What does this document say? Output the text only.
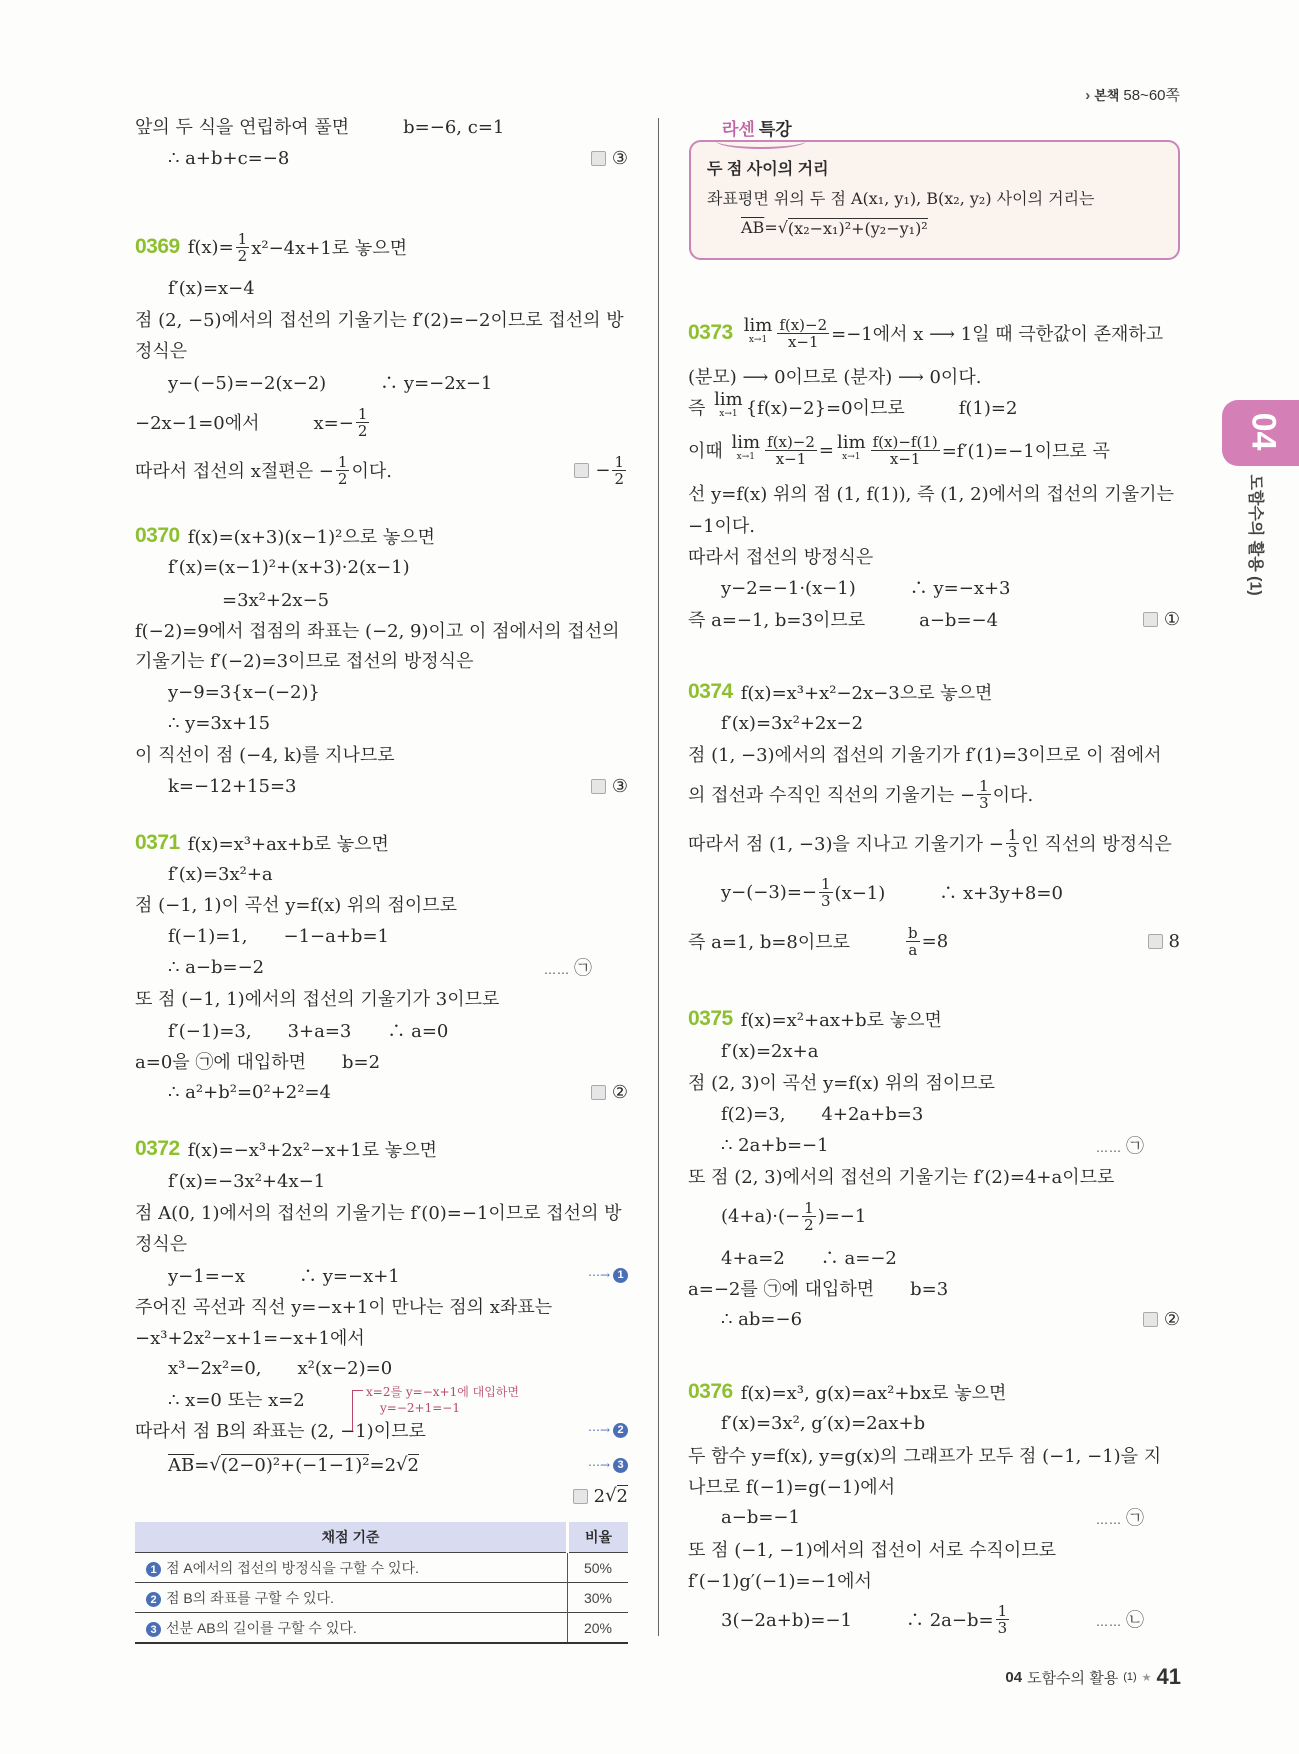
› 본책 58~60쪽
두 점 사이의 거리
좌표평면 위의 두 점 A(x₁, y₁), B(x₂, y₂) 사이의 거리는
$\overline{AB}=$ √ (x₂−x₁)²+(y₂−y₁)²
라센 특강
앞의 두 식을 연립하여 풀면　　　b=−6, c=1
∴ a+b+c=−8	③
0369 $f(x)= \frac{1}{2} x^2-4x+1$로 놓으면
f′(x)=x−4
점 (2, −5)에서의 접선의 기울기는 f′(2)=−2이므로 접선의 방
정식은
y−(−5)=−2(x−2)　　　∴ y=−2x−1
−2x−1=0에서　　　$x=- \frac{1}{2}$
따라서 접선의 x절편은 − $\frac{1}{2}$ 이다.	− $\frac{1}{2}$
0370 f(x)=(x+3)(x−1)²으로 놓으면
f′(x)=(x−1)²+(x+3)·2(x−1)
　　　=3x²+2x−5
f(−2)=9에서 접점의 좌표는 (−2, 9)이고 이 점에서의 접선의
기울기는 f′(−2)=3이므로 접선의 방정식은
y−9=3{x−(−2)}
∴ y=3x+15
이 직선이 점 (−4, k)를 지나므로
k=−12+15=3	③
0371 f(x)=x³+ax+b로 놓으면
f′(x)=3x²+a
점 (−1, 1)이 곡선 y=f(x) 위의 점이므로
f(−1)=1,　　−1−a+b=1
∴ a−b=−2	…… ㉠
또 점 (−1, 1)에서의 접선의 기울기가 3이므로
f′(−1)=3,　　3+a=3　　∴ a=0
a=0을 ㉠에 대입하면　　b=2
∴ a²+b²=0²+2²=4	②
0372 f(x)=−x³+2x²−x+1로 놓으면
f′(x)=−3x²+4x−1
점 A(0, 1)에서의 접선의 기울기는 f′(0)=−1이므로 접선의 방
정식은
y−1=−x　　　∴ y=−x+1	⋯→ 1
주어진 곡선과 직선 y=−x+1이 만나는 점의 x좌표는
−x³+2x²−x+1=−x+1에서
x³−2x²=0,　　x²(x−2)=0
∴ x=0 또는 x=2
따라서 점 B의 좌표는 (2, −1)이므로	⋯→ 2
$\overline{AB}$ = √ (2−0)²+(−1−1)² =2 √ 2	⋯→ 3
2 √ 2
0373 lim
$x\to 1 \frac{f(x)-2}{x-1} =-1$에서 x ⟶ 1일 때 극한값이 존재하고
(분모) ⟶ 0이므로 (분자) ⟶ 0이다.
즉 lim
x→1 {f(x)−2}=0이므로　　　f(1)=2
이때 lim
$x\to 1 \frac{f(x)-2}{x-1} = \lim$
$x\to 1 \frac{f(x)-f(1)}{x-1} =f'(1)=-1$이므로 곡
선 y=f(x) 위의 점 (1, f(1)), 즉 (1, 2)에서의 접선의 기울기는
−1이다.
따라서 접선의 방정식은
y−2=−1·(x−1)　　　∴ y=−x+3
즉 a=−1, b=3이므로　　　a−b=−4	①
0374 f(x)=x³+x²−2x−3으로 놓으면
f′(x)=3x²+2x−2
점 (1, −3)에서의 접선의 기울기가 f′(1)=3이므로 이 점에서
의 접선과 수직인 직선의 기울기는 − $\frac{1}{3}$ 이다.
따라서 점 (1, −3)을 지나고 기울기가 − $\frac{1}{3}$ 인 직선의 방정식은
$y-(-3)=- \frac{1}{3} (x-1)$　　　∴ x+3y+8=0
즉 a=1, b=8이므로　　　 $\frac{b}{a} =8$	8
0375 f(x)=x²+ax+b로 놓으면
f′(x)=2x+a
점 (2, 3)이 곡선 y=f(x) 위의 점이므로
f(2)=3,　　4+2a+b=3
∴ 2a+b=−1	…… ㉠
또 점 (2, 3)에서의 접선의 기울기는 f′(2)=4+a이므로
$(4+a)\cdot(- \frac{1}{2} )=-1$
4+a=2　　∴ a=−2
a=−2를 ㉠에 대입하면　　b=3
∴ ab=−6	②
0376 f(x)=x³, g(x)=ax²+bx로 놓으면
f′(x)=3x², g′(x)=2ax+b
두 함수 y=f(x), y=g(x)의 그래프가 모두 점 (−1, −1)을 지
나므로 f(−1)=g(−1)에서
a−b=−1	…… ㉠
또 점 (−1, −1)에서의 접선이 서로 수직이므로
f′(−1)g′(−1)=−1에서
3(−2a+b)=−1　　　∴ $2a-b= \frac{1}{3}$	…… ㉡
x=2를 y=−x+1에 대입하면
y=−2+1=−1
채점 기준	비율
1 점 A에서의 접선의 방정식을 구할 수 있다.	50%
2 점 B의 좌표를 구할 수 있다.	30%
3 선분 AB의 길이를 구할 수 있다.	20%
04
도함수의 활용 (1)
04 도함수의 활용 (1) ★ 41
